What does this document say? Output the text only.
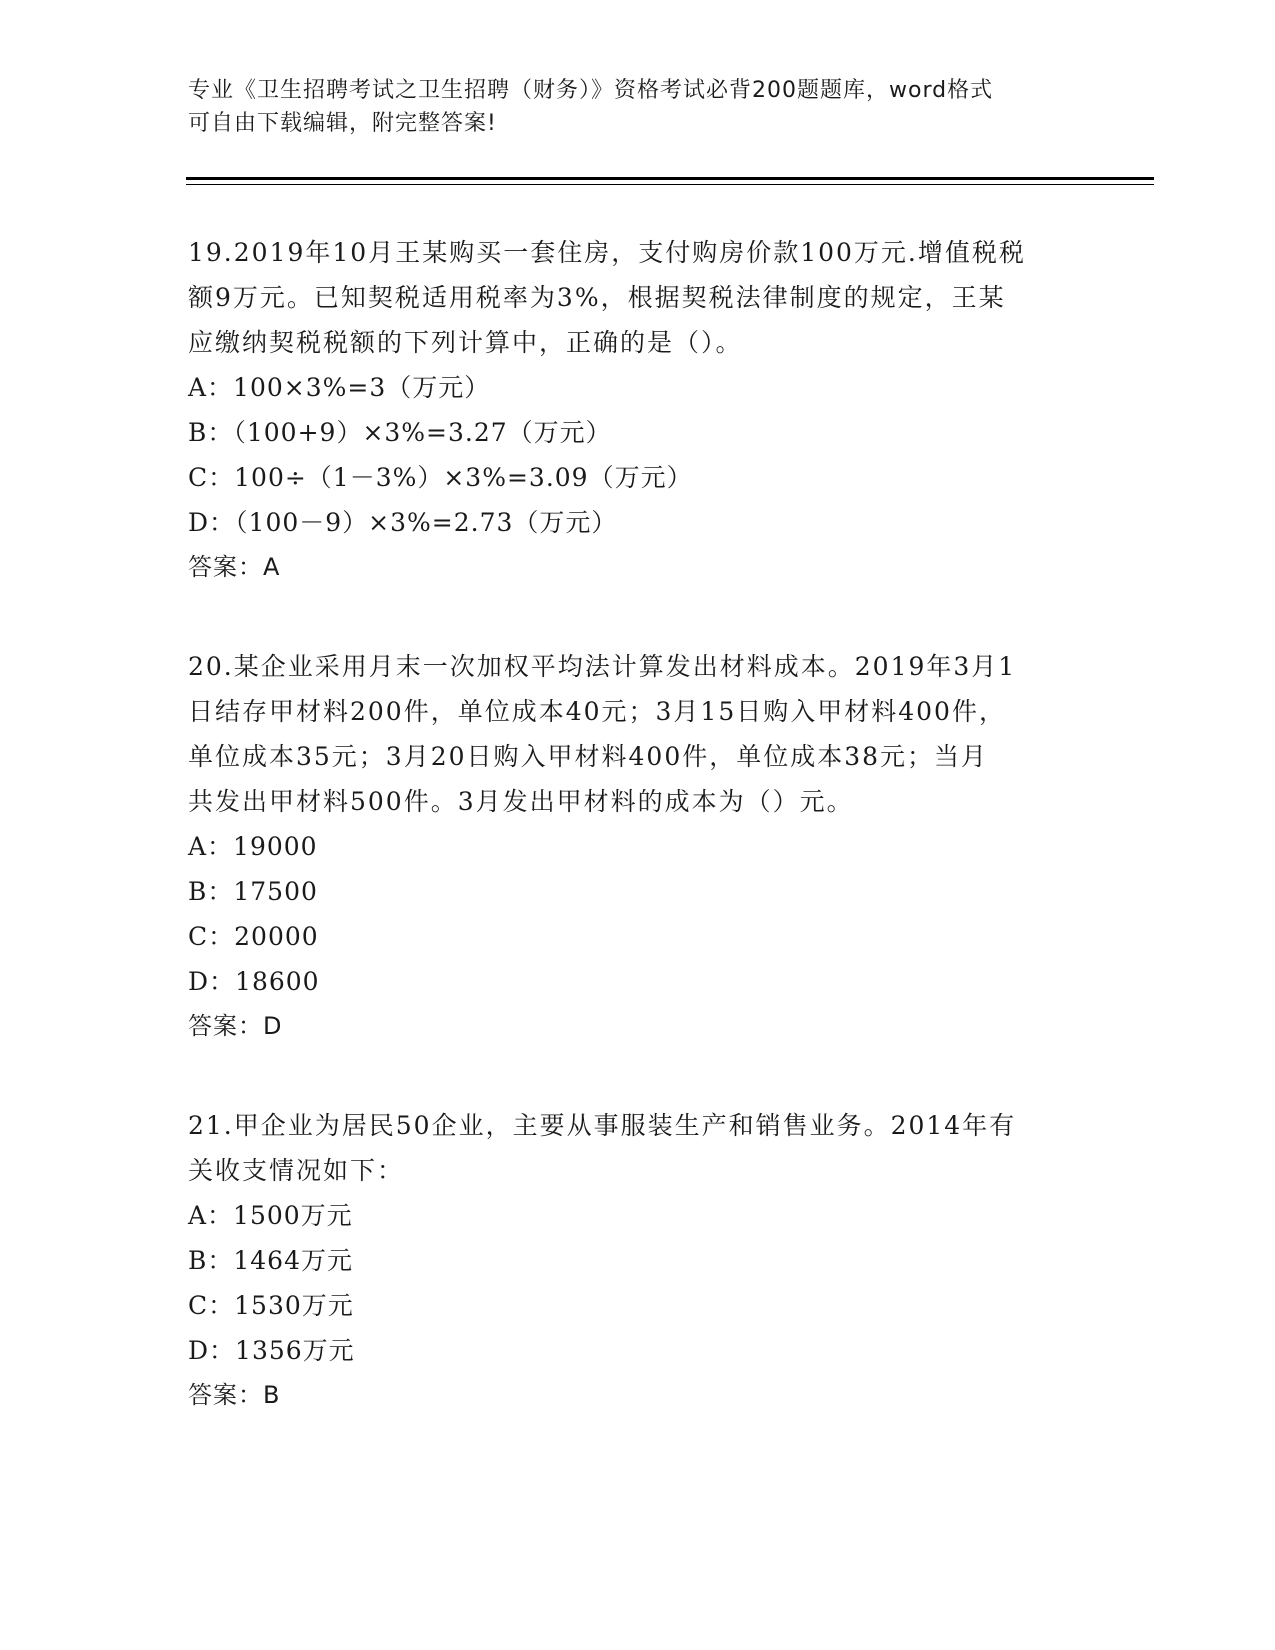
专业《卫生招聘考试之卫生招聘（财务）》资格考试必背200题题库，word格式
可自由下载编辑，附完整答案!

19.2019年10月王某购买一套住房，支付购房价款100万元.增值税税

额9万元。已知契税适用税率为3%，根据契税法律制度的规定，王某

应缴纳契税税额的下列计算中，正确的是（）。

A：100×3%=3（万元）

B：（100+9）×3%=3.27（万元）

C：100÷（1－3%）×3%=3.09（万元）

D：（100－9）×3%=2.73（万元）

答案：A

20.某企业采用月末一次加权平均法计算发出材料成本。2019年3月1

日结存甲材料200件，单位成本40元；3月15日购入甲材料400件，

单位成本35元；3月20日购入甲材料400件，单位成本38元；当月

共发出甲材料500件。3月发出甲材料的成本为（）元。

A：19000

B：17500

C：20000

D：18600

答案：D

21.甲企业为居民50企业，主要从事服装生产和销售业务。2014年有

关收支情况如下：

A：1500万元

B：1464万元

C：1530万元

D：1356万元

答案：B
